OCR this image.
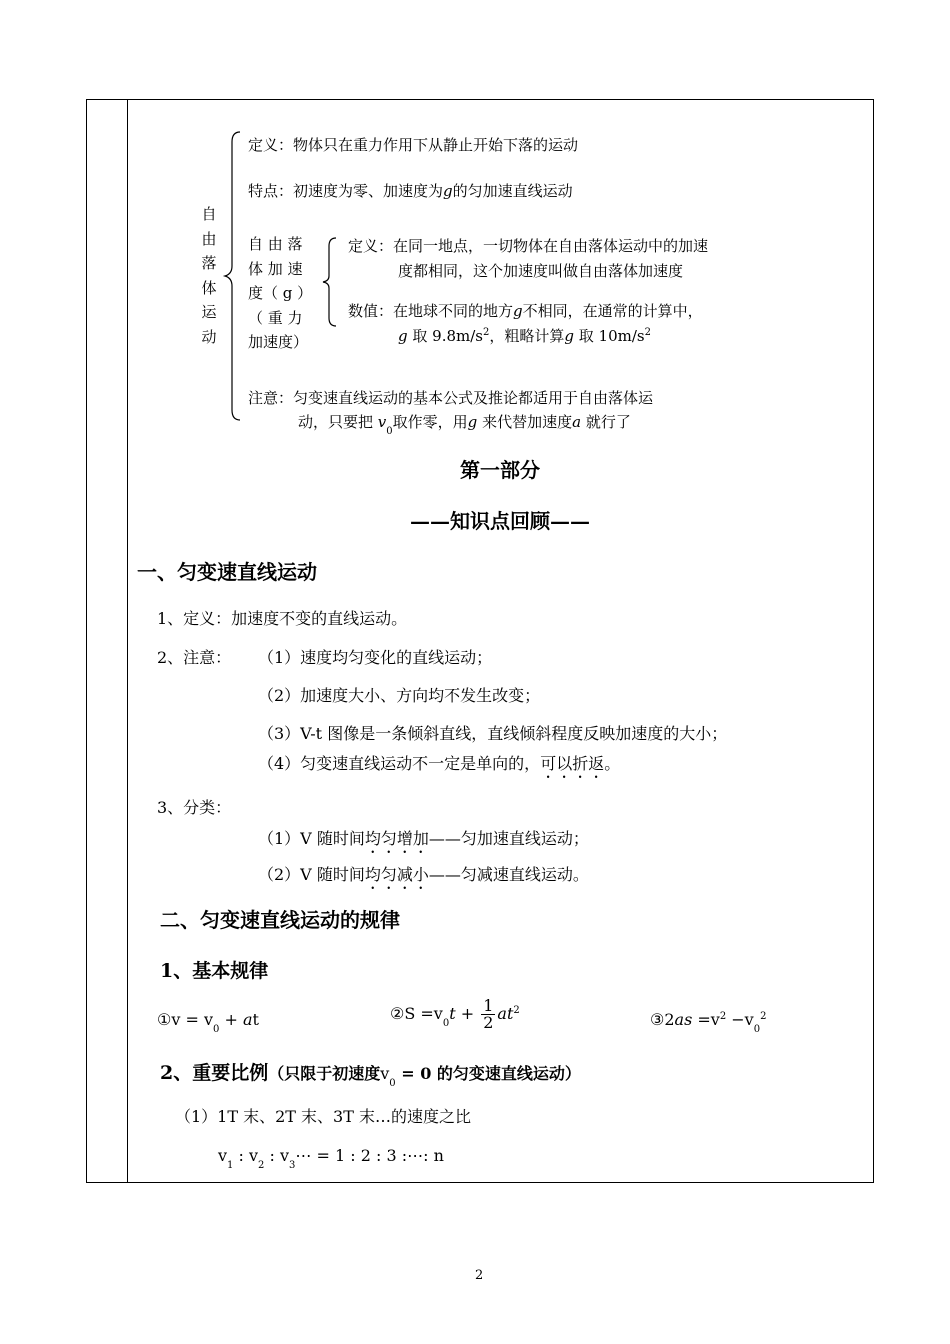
自
由
落
体
运
动
定义：物体只在重力作用下从静止开始下落的运动
特点：初速度为零、加速度为g的匀加速直线运动
自 由 落
体 加 速
度（ g ）
（ 重 力
加速度）
定义：在同一地点，一切物体在自由落体运动中的加速
度都相同，这个加速度叫做自由落体加速度
数值：在地球不同的地方g不相同，在通常的计算中，
g 取 $9.8m/s^2$，粗略计算g 取 $10m/s^2$
注意：匀变速直线运动的基本公式及推论都适用于自由落体运
动，只要把 $v_0$取作零，用g 来代替加速度a 就行了
第一部分
——知识点回顾——
一、匀变速直线运动
1、定义：加速度不变的直线运动。
2、注意： （1）速度均匀变化的直线运动；
（2）加速度大小、方向均不发生改变；
（3）V-t 图像是一条倾斜直线，直线倾斜程度反映加速度的大小；
（4）匀变速直线运动不一定是单向的，可以折返。
3、分类：
（1）V 随时间均匀增加——匀加速直线运动；
（2）V 随时间均匀减小——匀减速直线运动。
二、匀变速直线运动的规律
1、基本规律
①v = $v_0$ + at	②S $=v_0t + \frac{1}{2} at^2$	③2as $=v^2 -v_0^2$
2、重要比例（只限于初速度$v_0 = 0$ 的匀变速直线运动）
（1）1T 末、2T 末、3T 末…的速度之比
$v_1$ : $v_2$ : $v_3\cdots = 1$ : 2 : 3 :⋯: n
2
